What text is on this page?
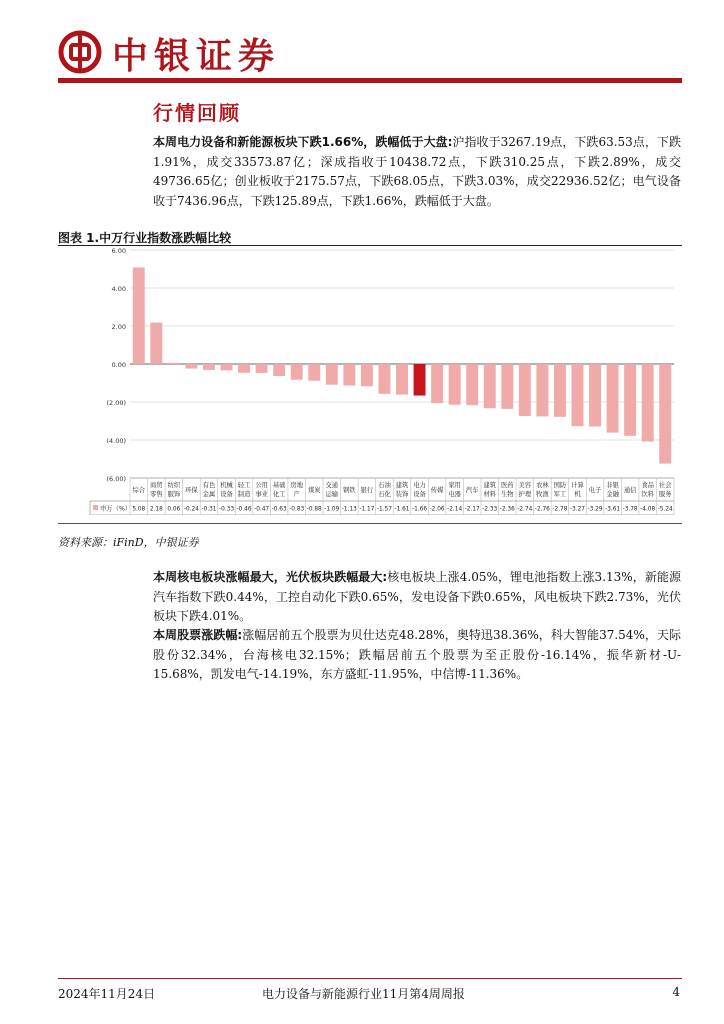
中银证券
行情回顾
本周电力设备和新能源板块下跌1.66%，跌幅低于大盘:沪指收于3267.19点，下跌63.53点，下跌1.91%，成交33573.87亿；深成指收于10438.72点，下跌310.25点，下跌2.89%，成交49736.65亿；创业板收于2175.57点，下跌68.05点，下跌3.03%，成交22936.52亿；电气设备收于7436.96点，下跌125.89点，下跌1.66%，跌幅低于大盘。
图表 1.中万行业指数涨跌幅比较
6.00
4.00
2.00
0.00
(2.00)
(4.00)
(6.00)
综合
商贸零售
纺织服饰
环保
有色金属
机械设备
轻工制造
公用事业
基础化工
房地产
煤炭
交通运输
钢铁 银行
石油石化
建筑装饰
电力设备
传媒
家用电器
汽车
建筑材料
医药生物
美容护理
农林牧渔
国防军工
计算机
电子
非银金融
通信
食品饮料
社会服务
申万（%） 5.08 2.18 0.06 -0.24 -0.31 -0.33 -0.46 -0.47 -0.63 -0.83 -0.88 -1.09 -1.13 -1.17 -1.57 -1.61 -1.66 -2.06 -2.14 -2.17 -2.33 -2.36 -2.74 -2.76 -2.78 -3.27 -3.29 -3.61 -3.78 -4.08 -5.24
资料来源：iFinD，中银证券
本周核电板块涨幅最大，光伏板块跌幅最大:核电板块上涨4.05%，锂电池指数上涨3.13%，新能源汽车指数下跌0.44%，工控自动化下跌0.65%，发电设备下跌0.65%，风电板块下跌2.73%，光伏板块下跌4.01%。
本周股票涨跌幅:涨幅居前五个股票为贝仕达克48.28%，奥特迅38.36%，科大智能37.54%，天际股份32.34%，台海核电32.15%；跌幅居前五个股票为至正股份-16.14%，振华新材-U-15.68%，凯发电气-14.19%，东方盛虹-11.95%，中信博-11.36%。
2024年11月24日	电力设备与新能源行业11月第4周周报	4
